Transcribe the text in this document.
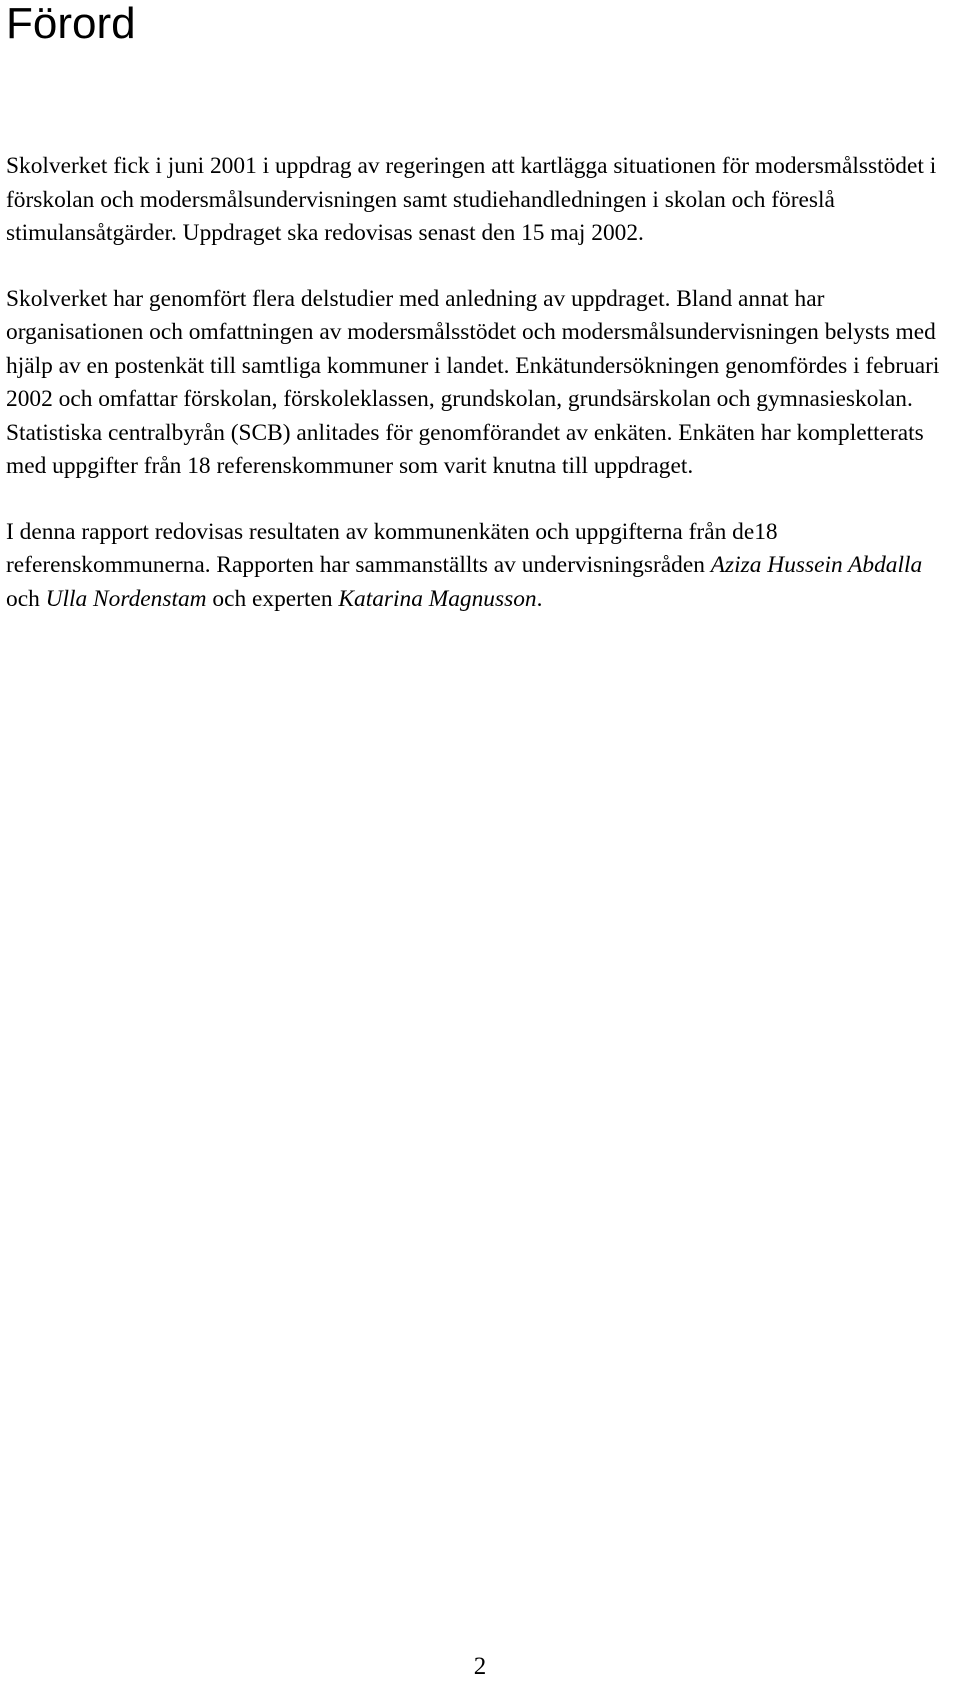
Förord

Skolverket fick i juni 2001 i uppdrag av regeringen att kartlägga situationen för modersmålsstödet i förskolan och modersmålsundervisningen samt studiehandledningen i skolan och föreslå stimulansåtgärder. Uppdraget ska redovisas senast den 15 maj 2002.

Skolverket har genomfört flera delstudier med anledning av uppdraget. Bland annat har organisationen och omfattningen av modersmålsstödet och modersmålsundervisningen belysts med hjälp av en postenkät till samtliga kommuner i landet. Enkätundersökningen genomfördes i februari 2002 och omfattar förskolan, förskoleklassen, grundskolan, grundsärskolan och gymnasieskolan. Statistiska centralbyrån (SCB) anlitades för genomförandet av enkäten. Enkäten har kompletterats med uppgifter från 18 referenskommuner som varit knutna till uppdraget.

I denna rapport redovisas resultaten av kommunenkäten och uppgifterna från de18 referenskommunerna. Rapporten har sammanställts av undervisningsråden Aziza Hussein Abdalla och Ulla Nordenstam och experten Katarina Magnusson.

2
